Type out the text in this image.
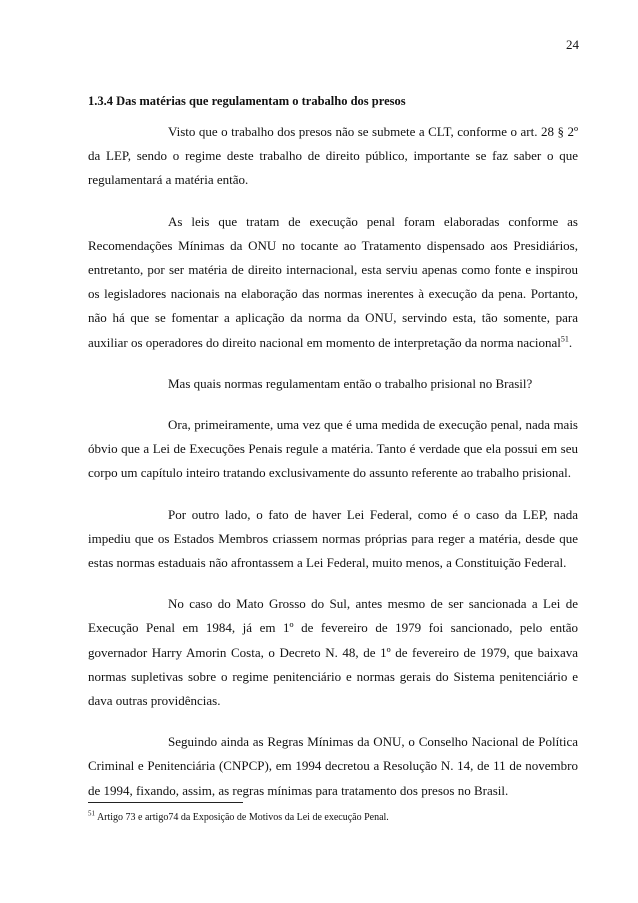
24

1.3.4 Das matérias que regulamentam o trabalho dos presos

Visto que o trabalho dos presos não se submete a CLT, conforme o art. 28 § 2º da LEP, sendo o regime deste trabalho de direito público, importante se faz saber o que regulamentará a matéria então.

As leis que tratam de execução penal foram elaboradas conforme as Recomendações Mínimas da ONU no tocante ao Tratamento dispensado aos Presidiários, entretanto, por ser matéria de direito internacional, esta serviu apenas como fonte e inspirou os legisladores nacionais na elaboração das normas inerentes à execução da pena. Portanto, não há que se fomentar a aplicação da norma da ONU, servindo esta, tão somente, para auxiliar os operadores do direito nacional em momento de interpretação da norma nacional$^{51}$.

Mas quais normas regulamentam então o trabalho prisional no Brasil?

Ora, primeiramente, uma vez que é uma medida de execução penal, nada mais óbvio que a Lei de Execuções Penais regule a matéria. Tanto é verdade que ela possui em seu corpo um capítulo inteiro tratando exclusivamente do assunto referente ao trabalho prisional.

Por outro lado, o fato de haver Lei Federal, como é o caso da LEP, nada impediu que os Estados Membros criassem normas próprias para reger a matéria, desde que estas normas estaduais não afrontassem a Lei Federal, muito menos, a Constituição Federal.

No caso do Mato Grosso do Sul, antes mesmo de ser sancionada a Lei de Execução Penal em 1984, já em 1º de fevereiro de 1979 foi sancionado, pelo então governador Harry Amorin Costa, o Decreto N. 48, de 1º de fevereiro de 1979, que baixava normas supletivas sobre o regime penitenciário e normas gerais do Sistema penitenciário e dava outras providências.

Seguindo ainda as Regras Mínimas da ONU, o Conselho Nacional de Política Criminal e Penitenciária (CNPCP), em 1994 decretou a Resolução N. 14, de 11 de novembro de 1994, fixando, assim, as regras mínimas para tratamento dos presos no Brasil.

$^{51}$ Artigo 73 e artigo74 da Exposição de Motivos da Lei de execução Penal.
